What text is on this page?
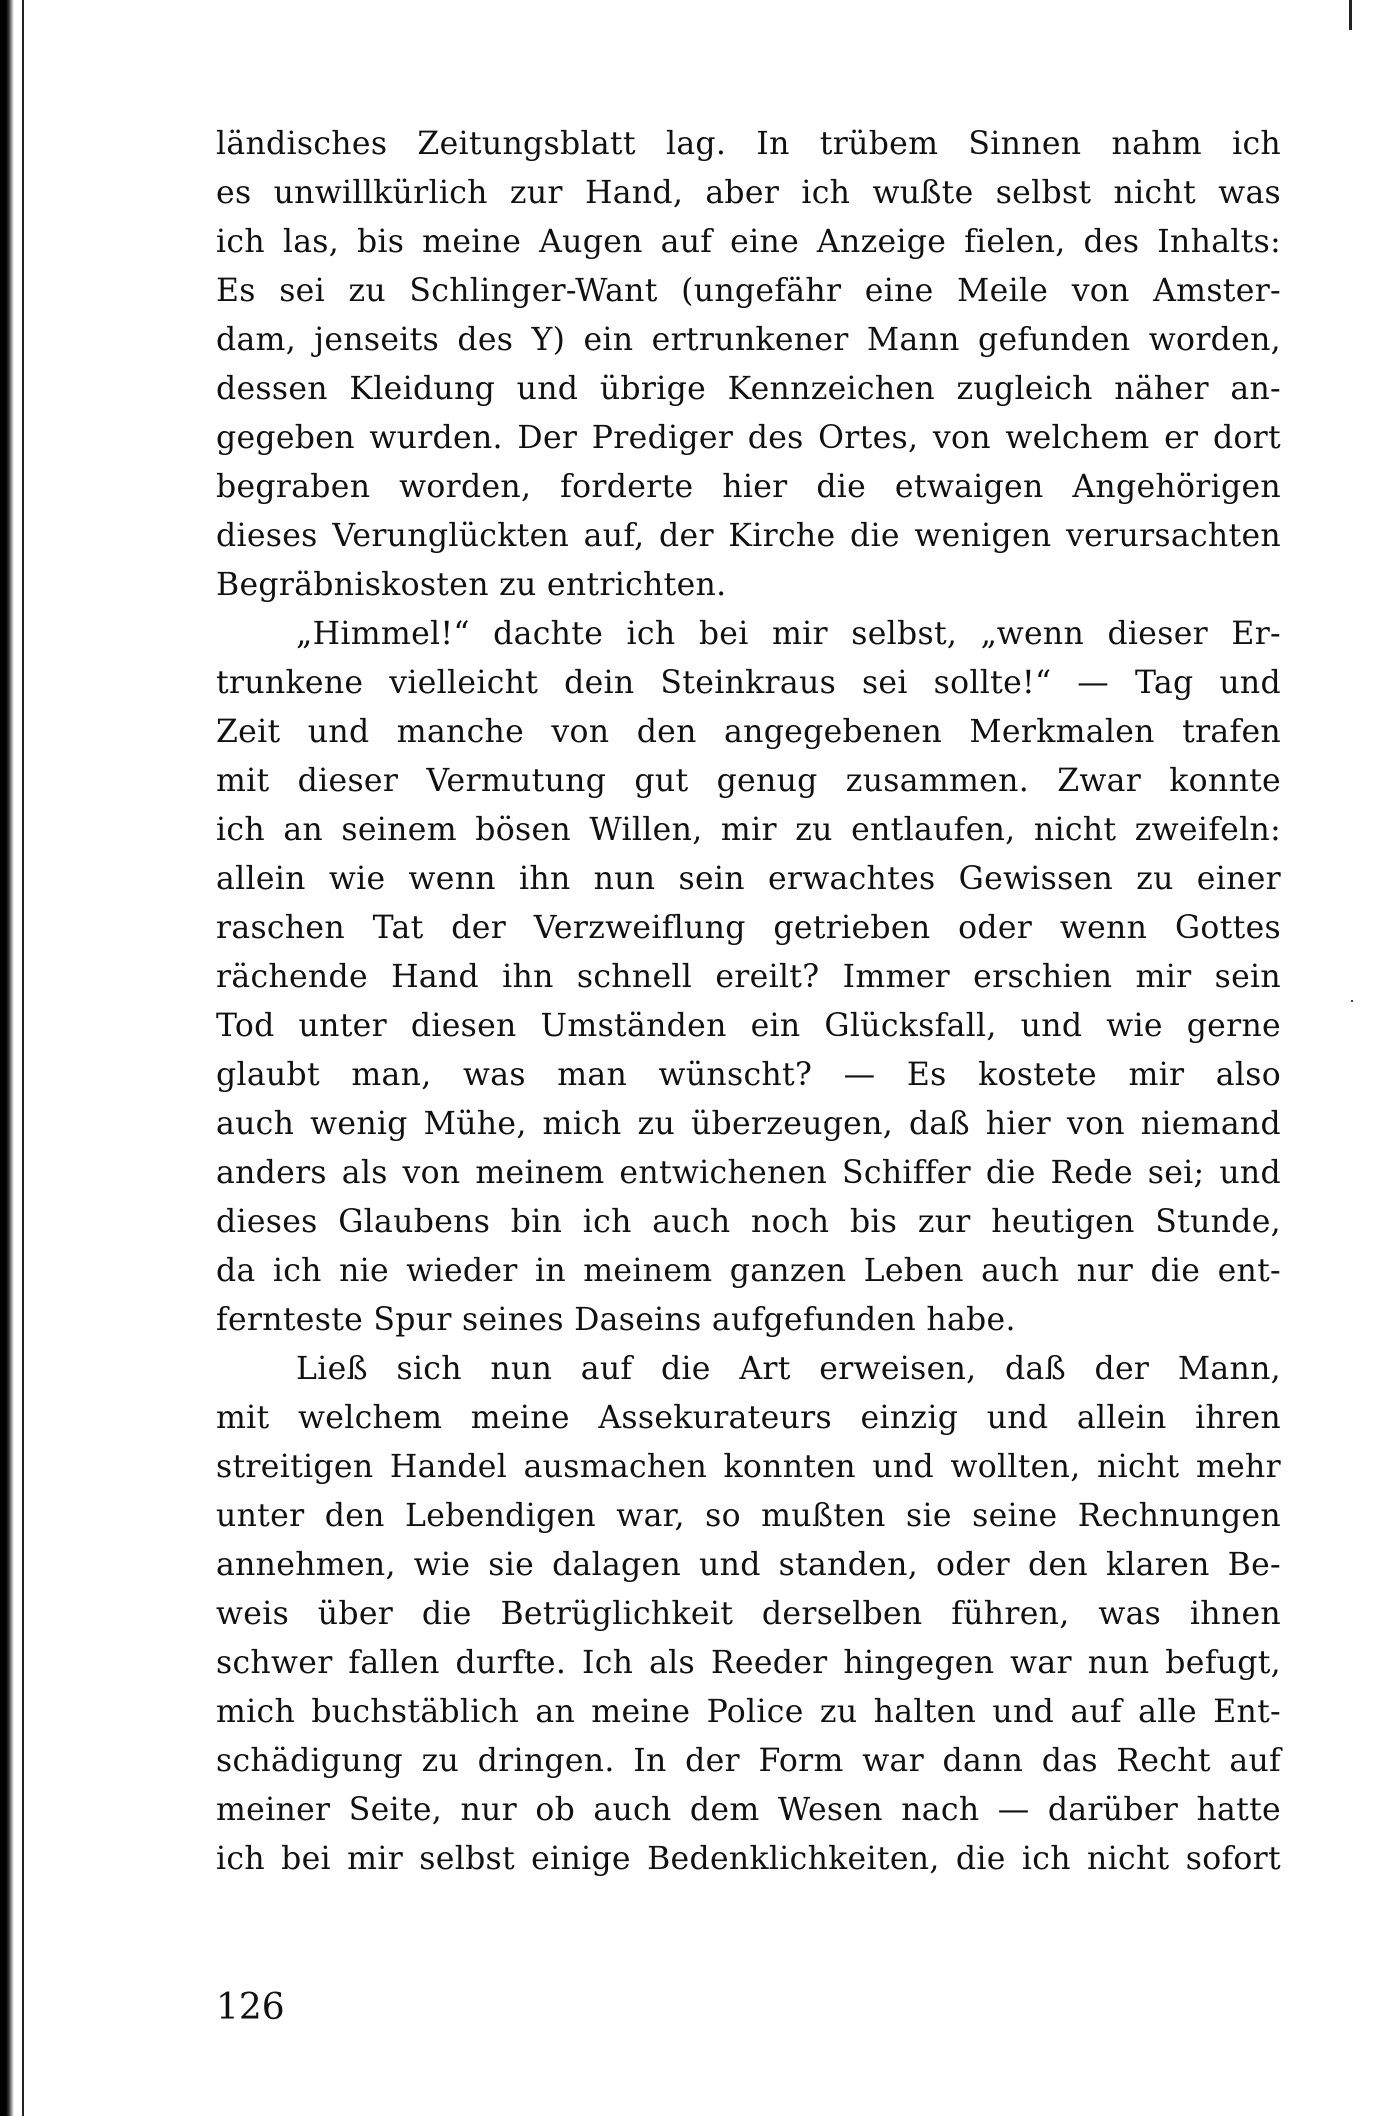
ländisches Zeitungsblatt lag. In trübem Sinnen nahm ich
es unwillkürlich zur Hand, aber ich wußte selbst nicht was
ich las, bis meine Augen auf eine Anzeige fielen, des Inhalts:
Es sei zu Schlinger-Want (ungefähr eine Meile von Amster-
dam, jenseits des Y) ein ertrunkener Mann gefunden worden,
dessen Kleidung und übrige Kennzeichen zugleich näher an-
gegeben wurden. Der Prediger des Ortes, von welchem er dort
begraben worden, forderte hier die etwaigen Angehörigen
dieses Verunglückten auf, der Kirche die wenigen verursachten
Begräbniskosten zu entrichten.
„Himmel!“ dachte ich bei mir selbst, „wenn dieser Er-
trunkene vielleicht dein Steinkraus sei sollte!“ — Tag und
Zeit und manche von den angegebenen Merkmalen trafen
mit dieser Vermutung gut genug zusammen. Zwar konnte
ich an seinem bösen Willen, mir zu entlaufen, nicht zweifeln:
allein wie wenn ihn nun sein erwachtes Gewissen zu einer
raschen Tat der Verzweiflung getrieben oder wenn Gottes
rächende Hand ihn schnell ereilt? Immer erschien mir sein
Tod unter diesen Umständen ein Glücksfall, und wie gerne
glaubt man, was man wünscht? — Es kostete mir also
auch wenig Mühe, mich zu überzeugen, daß hier von niemand
anders als von meinem entwichenen Schiffer die Rede sei; und
dieses Glaubens bin ich auch noch bis zur heutigen Stunde,
da ich nie wieder in meinem ganzen Leben auch nur die ent-
fernteste Spur seines Daseins aufgefunden habe.
Ließ sich nun auf die Art erweisen, daß der Mann,
mit welchem meine Assekurateurs einzig und allein ihren
streitigen Handel ausmachen konnten und wollten, nicht mehr
unter den Lebendigen war, so mußten sie seine Rechnungen
annehmen, wie sie dalagen und standen, oder den klaren Be-
weis über die Betrüglichkeit derselben führen, was ihnen
schwer fallen durfte. Ich als Reeder hingegen war nun befugt,
mich buchstäblich an meine Police zu halten und auf alle Ent-
schädigung zu dringen. In der Form war dann das Recht auf
meiner Seite, nur ob auch dem Wesen nach — darüber hatte
ich bei mir selbst einige Bedenklichkeiten, die ich nicht sofort
126
